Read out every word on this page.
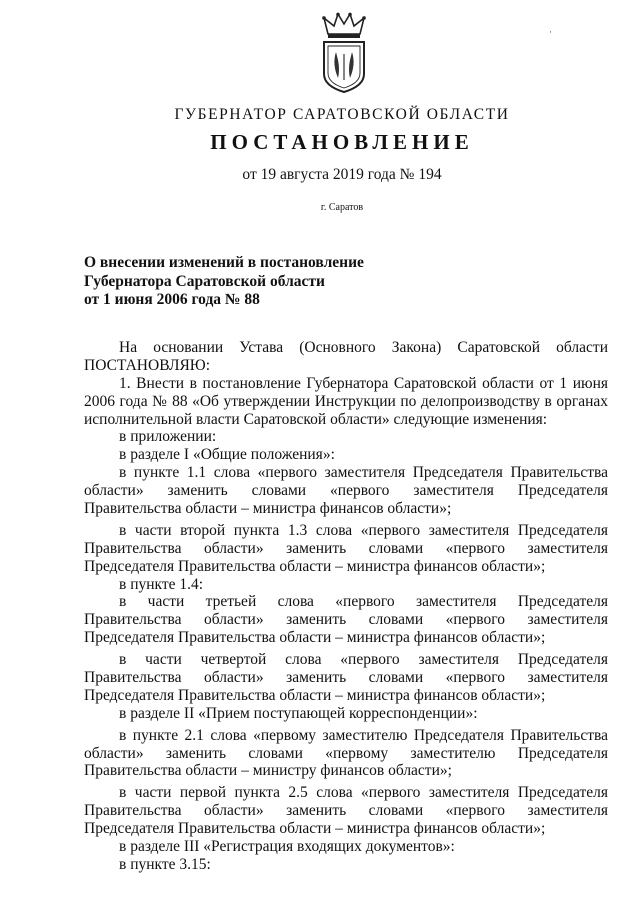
·
ГУБЕРНАТОР САРАТОВСКОЙ ОБЛАСТИ
ПОСТАНОВЛЕНИЕ
от 19 августа 2019 года № 194
г. Саратов
О внесении изменений в постановление
Губернатора Саратовской области
от 1 июня 2006 года № 88
На основании Устава (Основного Закона) Саратовской области
ПОСТАНОВЛЯЮ:
1. Внести в постановление Губернатора Саратовской области от 1 июня
2006 года № 88 «Об утверждении Инструкции по делопроизводству в органах
исполнительной власти Саратовской области» следующие изменения:
в приложении:
в разделе I «Общие положения»:
в пункте 1.1 слова «первого заместителя Председателя Правительства
области» заменить словами «первого заместителя Председателя
Правительства области – министра финансов области»;
в части второй пункта 1.3 слова «первого заместителя Председателя
Правительства области» заменить словами «первого заместителя
Председателя Правительства области – министра финансов области»;
в пункте 1.4:
в части третьей слова «первого заместителя Председателя
Правительства области» заменить словами «первого заместителя
Председателя Правительства области – министра финансов области»;
в части четвертой слова «первого заместителя Председателя
Правительства области» заменить словами «первого заместителя
Председателя Правительства области – министра финансов области»;
в разделе II «Прием поступающей корреспонденции»:
в пункте 2.1 слова «первому заместителю Председателя Правительства
области» заменить словами «первому заместителю Председателя
Правительства области – министру финансов области»;
в части первой пункта 2.5 слова «первого заместителя Председателя
Правительства области» заменить словами «первого заместителя
Председателя Правительства области – министра финансов области»;
в разделе III «Регистрация входящих документов»:
в пункте 3.15:
